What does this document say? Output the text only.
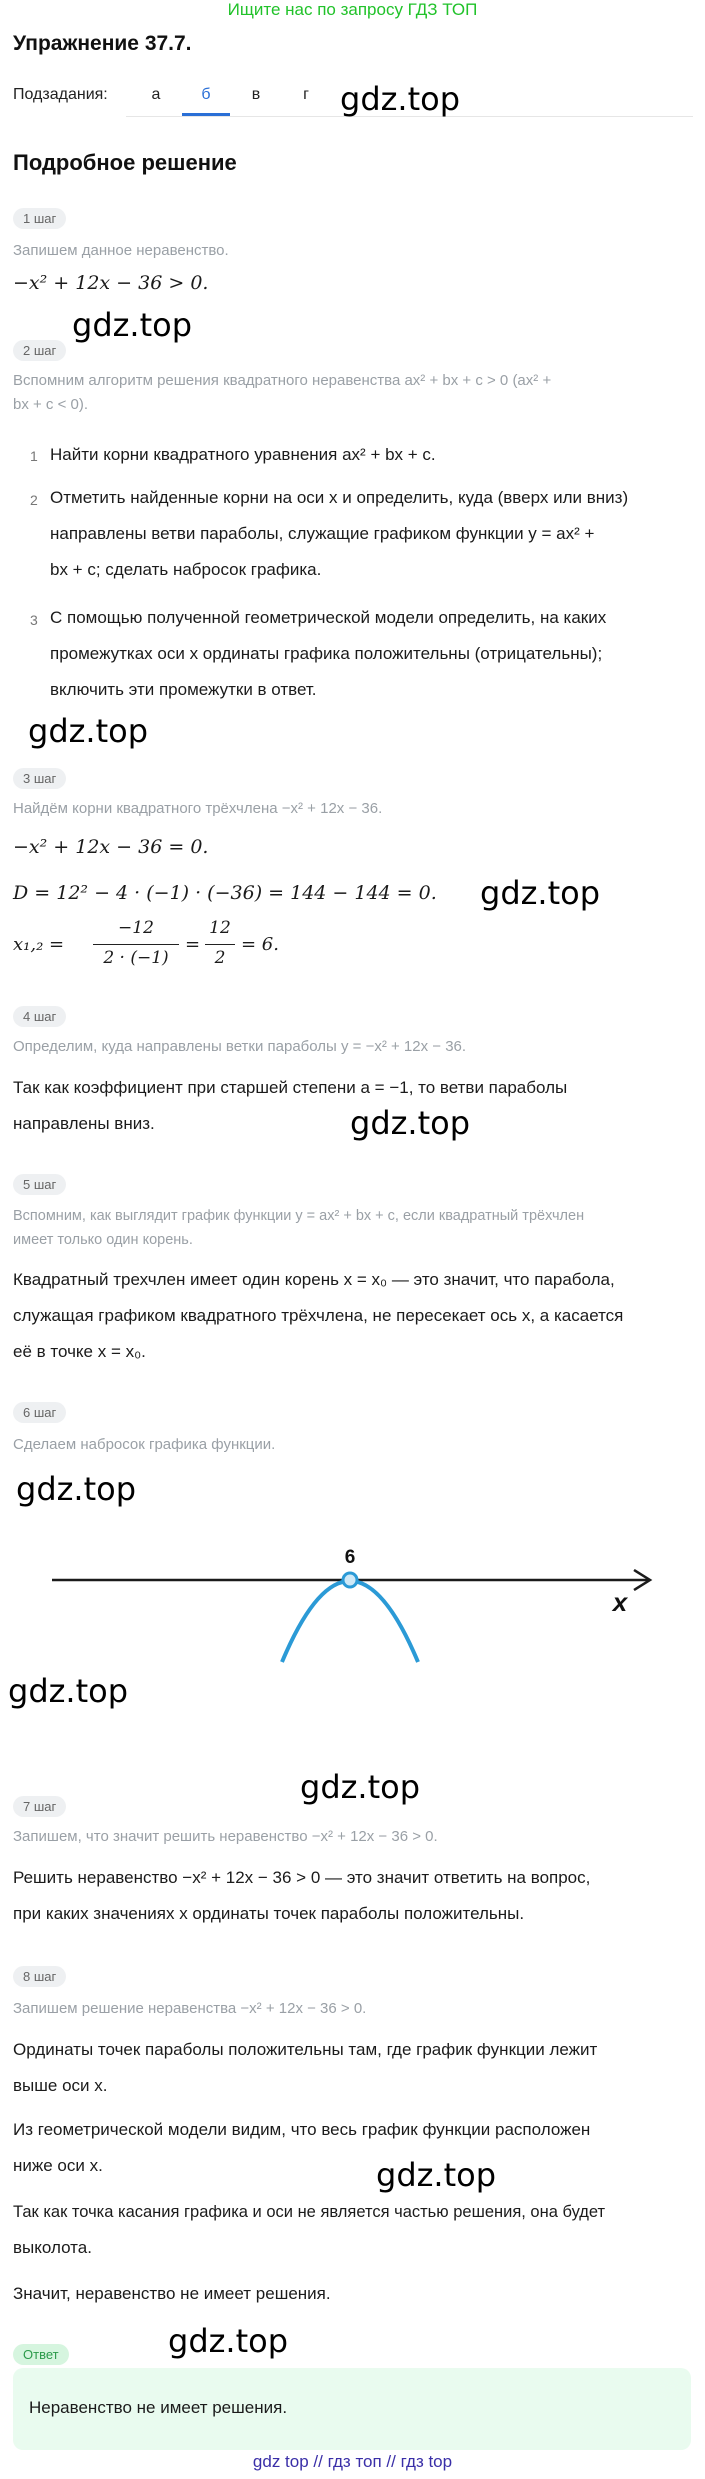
Ищите нас по запросу ГДЗ ТОП
Упражнение 37.7.
Подзадания:	а	б	в	г gdz.top
Подробное решение
1 шаг
Запишем данное неравенство.
−x² + 12x − 36 > 0.
gdz.top
2 шаг
Вспомним алгоритм решения квадратного неравенства ax² + bx + c > 0 (ax² +
bx + c < 0).
1 Найти корни квадратного уравнения ax² + bx + c.
2 Отметить найденные корни на оси x и определить, куда (вверх или вниз)
направлены ветви параболы, служащие графиком функции y = ax² +
bx + c; сделать набросок графика.
3 С помощью полученной геометрической модели определить, на каких
промежутках оси x ординаты графика положительны (отрицательны);
включить эти промежутки в ответ.
gdz.top
3 шаг
Найдём корни квадратного трёхчлена −x² + 12x − 36.
−x² + 12x − 36 = 0.
D = 12² − 4 · (−1) · (−36) = 144 − 144 = 0. gdz.top
x₁,₂ =
−12
2 · (−1)
=
12
2
= 6.
4 шаг
Определим, куда направлены ветки параболы y = −x² + 12x − 36.
Так как коэффициент при старшей степени a = −1, то ветви параболы
направлены вниз.	gdz.top
5 шаг
Вспомним, как выглядит график функции y = ax² + bx + c, если квадратный трёхчлен
имеет только один корень.
Квадратный трехчлен имеет один корень x = x₀ — это значит, что парабола,
служащая графиком квадратного трёхчлена, не пересекает ось x, а касается
её в точке x = x₀.
6 шаг
Сделаем набросок графика функции.
gdz.top
6
x
gdz.top
gdz.top
7 шаг
Запишем, что значит решить неравенство −x² + 12x − 36 > 0.
Решить неравенство −x² + 12x − 36 > 0 — это значит ответить на вопрос,
при каких значениях x ординаты точек параболы положительны.
8 шаг
Запишем решение неравенства −x² + 12x − 36 > 0.
Ординаты точек параболы положительны там, где график функции лежит
выше оси x.
Из геометрической модели видим, что весь график функции расположен
ниже оси x.	gdz.top
Так как точка касания графика и оси не является частью решения, она будет
выколота.
Значит, неравенство не имеет решения.
gdz.top
Ответ
Неравенство не имеет решения.
gdz top // гдз топ // гдз top
